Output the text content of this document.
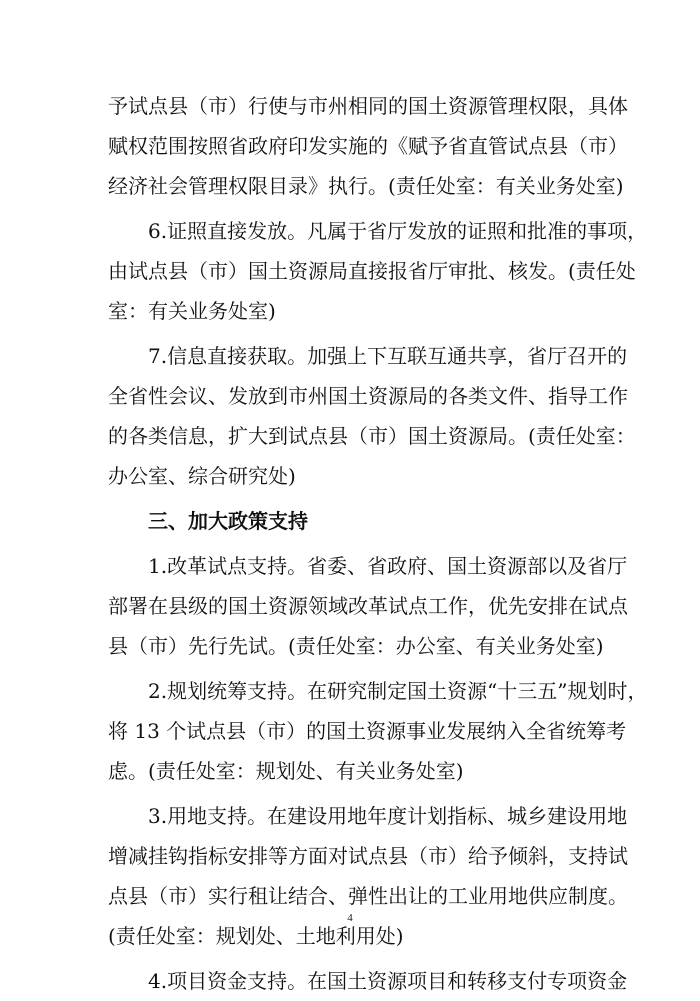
予试点县（市）行使与市州相同的国土资源管理权限，具体
赋权范围按照省政府印发实施的《赋予省直管试点县（市）
经济社会管理权限目录》执行。(责任处室：有关业务处室)
6.证照直接发放。凡属于省厅发放的证照和批准的事项，
由试点县（市）国土资源局直接报省厅审批、核发。(责任处
室：有关业务处室)
7.信息直接获取。加强上下互联互通共享，省厅召开的
全省性会议、发放到市州国土资源局的各类文件、指导工作
的各类信息，扩大到试点县（市）国土资源局。(责任处室：
办公室、综合研究处)
三、加大政策支持
1.改革试点支持。省委、省政府、国土资源部以及省厅
部署在县级的国土资源领域改革试点工作，优先安排在试点
县（市）先行先试。(责任处室：办公室、有关业务处室)
2.规划统筹支持。在研究制定国土资源“十三五”规划时，
将 13 个试点县（市）的国土资源事业发展纳入全省统筹考
虑。(责任处室：规划处、有关业务处室)
3.用地支持。在建设用地年度计划指标、城乡建设用地
增减挂钩指标安排等方面对试点县（市）给予倾斜，支持试
点县（市）实行租让结合、弹性出让的工业用地供应制度。
(责任处室：规划处、土地利用处)
4.项目资金支持。在国土资源项目和转移支付专项资金
4
